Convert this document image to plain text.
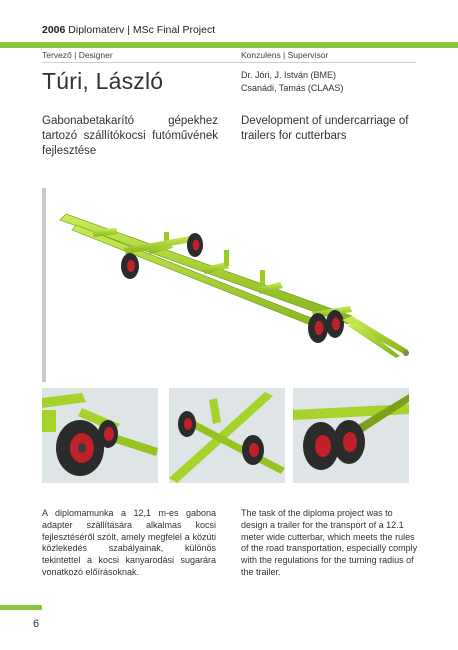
2006 Diplomaterv | MSc Final Project
Tervező | Designer	Konzulens | Supervisor
Túri, László	Dr. Jóri, J. István (BME)
Csanádi, Tamás (CLAAS)
Gabonabetakarító gépekhez tartozó szállítókocsi futóművének fejlesztése
Development of undercarriage of trailers for cutterbars
A diplomamunka a 12,1 m-es gabona adapter szállítására alkalmas kocsi fejlesztéséről szólt, amely megfelel a közúti közlekedés szabályainak, különös tekintettel a kocsi kanyarodási sugarára vonatkozó előírásoknak.
The task of the diploma project was to design a trailer for the transport of a 12.1 meter wide cutterbar, which meets the rules of the road transportation, especially comply with the regulations for the turning radius of the trailer.
6
